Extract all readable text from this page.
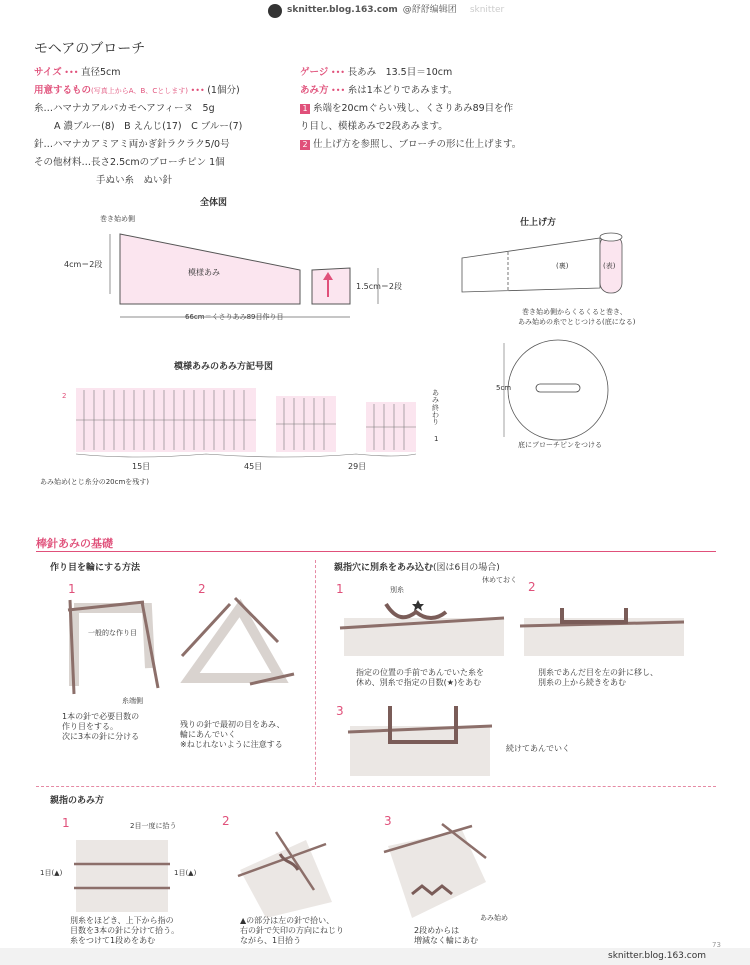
sknitter.blog.163.com @舒舒编辑团 sknitter
モヘアのブローチ
サイズ ••• 直径5cm
用意するもの(写真上からA、B、Cとします) ••• (1個分)
糸…ハマナカアルパカモヘアフィーヌ　5g
A 濃ブルー(8)　B えんじ(17)　C ブルー(7)
針…ハマナカアミアミ両かぎ針ラクラク5/0号
その他材料…長さ2.5cmのブローチピン 1個
手ぬい糸　ぬい針
ゲージ ••• 長あみ　13.5目＝10cm
あみ方 ••• 糸は1本どりであみます。
1 糸端を20cmぐらい残し、くさりあみ89目を作
り目し、模様あみで2段あみます。
2 仕上げ方を参照し、ブローチの形に仕上げます。
全体図
巻き始め側
4cm＝2段
1.5cm＝2段
66cm＝くさりあみ89目作り目
模様あみ
仕上げ方
(裏)	(表)
巻き始め側からくるくると巻き、
あみ始めの糸でとじつける(底になる)
5cm
底にブローチピンをつける
模様あみのあみ方記号図
2
1
あみ終わり
15目	45目	29目
あみ始め(とじ糸分の20cmを残す)
棒針あみの基礎
作り目を輪にする方法
1	2
一般的な作り目
糸端側
1本の針で必要目数の
作り目をする。
次に3本の針に分ける
残りの針で最初の目をあみ、
輪にあんでいく
※ねじれないように注意する
親指穴に別糸をあみ込む(図は6目の場合)
1	2
3
別糸
休めておく
指定の位置の手前であんでいた糸を
休め、別糸で指定の目数(★)をあむ
別糸であんだ目を左の針に移し、
別糸の上から続きをあむ
続けてあんでいく
親指のあみ方
1	2	3
2目一度に拾う
1目(▲)	1目(▲)
あみ始め
別糸をほどき、上下から指の
目数を3本の針に分けて拾う。
糸をつけて1段めをあむ
▲の部分は左の針で拾い、
右の針で矢印の方向にねじり
ながら、1目拾う
2段めからは
増減なく輪にあむ
sknitter.blog.163.com
73
